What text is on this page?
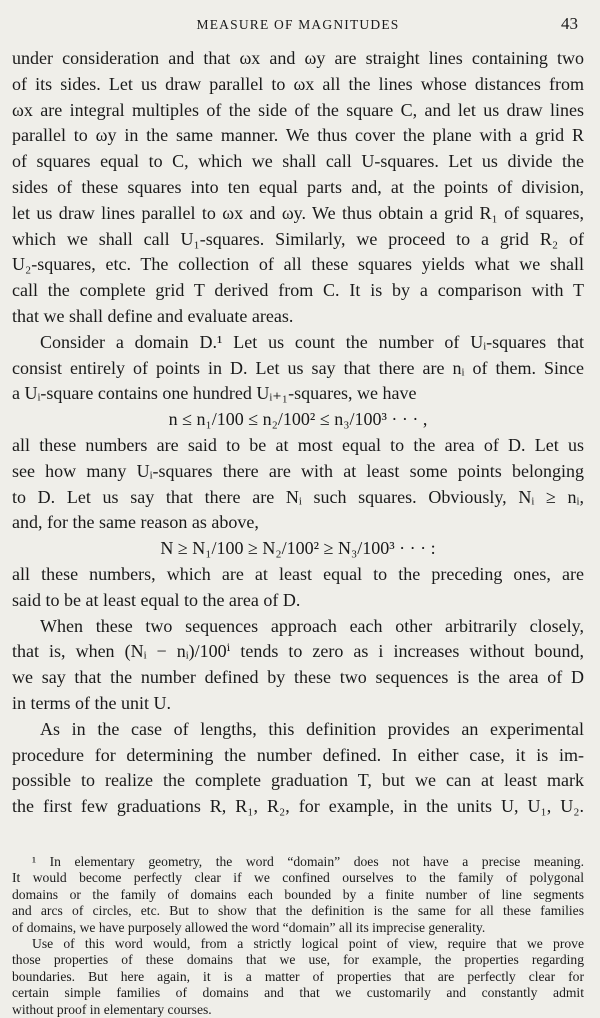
MEASURE OF MAGNITUDES	43
under consideration and that ωx and ωy are straight lines containing two
of its sides. Let us draw parallel to ωx all the lines whose distances from
ωx are integral multiples of the side of the square C, and let us draw lines
parallel to ωy in the same manner. We thus cover the plane with a grid R
of squares equal to C, which we shall call U-squares. Let us divide the
sides of these squares into ten equal parts and, at the points of division,
let us draw lines parallel to ωx and ωy. We thus obtain a grid R₁ of squares,
which we shall call U₁-squares. Similarly, we proceed to a grid R₂ of
U₂-squares, etc. The collection of all these squares yields what we shall
call the complete grid T derived from C. It is by a comparison with T
that we shall define and evaluate areas.
Consider a domain D.¹ Let us count the number of Uᵢ-squares that
consist entirely of points in D. Let us say that there are nᵢ of them. Since
a Uᵢ-square contains one hundred Uᵢ₊₁-squares, we have
n ≤ n₁/100 ≤ n₂/100² ≤ n₃/100³ · · · ,
all these numbers are said to be at most equal to the area of D. Let us
see how many Uᵢ-squares there are with at least some points belonging
to D. Let us say that there are Nᵢ such squares. Obviously, Nᵢ ≥ nᵢ,
and, for the same reason as above,
N ≥ N₁/100 ≥ N₂/100² ≥ N₃/100³ · · · :
all these numbers, which are at least equal to the preceding ones, are
said to be at least equal to the area of D.
When these two sequences approach each other arbitrarily closely,
that is, when (Nᵢ − nᵢ)/100ⁱ tends to zero as i increases without bound,
we say that the number defined by these two sequences is the area of D
in terms of the unit U.
As in the case of lengths, this definition provides an experimental
procedure for determining the number defined. In either case, it is im-
possible to realize the complete graduation T, but we can at least mark
the first few graduations R, R₁, R₂, for example, in the units U, U₁, U₂.
¹ In elementary geometry, the word “domain” does not have a precise meaning.
It would become perfectly clear if we confined ourselves to the family of polygonal
domains or the family of domains each bounded by a finite number of line segments
and arcs of circles, etc. But to show that the definition is the same for all these families
of domains, we have purposely allowed the word “domain” all its imprecise generality.
Use of this word would, from a strictly logical point of view, require that we prove
those properties of these domains that we use, for example, the properties regarding
boundaries. But here again, it is a matter of properties that are perfectly clear for
certain simple families of domains and that we customarily and constantly admit
without proof in elementary courses.
